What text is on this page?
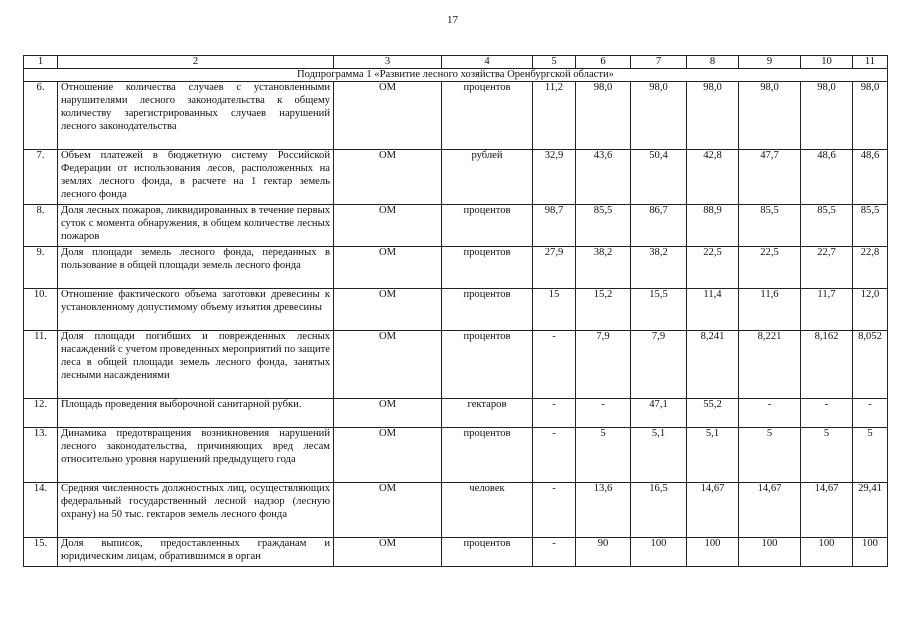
17
1	2	3	4	5	6	7	8	9	10	11
Подпрограмма 1 «Развитие лесного хозяйства Оренбургской области»										
6.	Отношение количества случаев с установленными нарушителями лесного законодательства к общему количеству зарегистрированных случаев нарушений лесного законодательства	ОМ	процентов	11,2	98,0	98,0	98,0	98,0	98,0	98,0
7.	Объем платежей в бюджетную систему Российской Федерации от использования лесов, расположенных на землях лесного фонда, в расчете на 1 гектар земель лесного фонда	ОМ	рублей	32,9	43,6	50,4	42,8	47,7	48,6	48,6
8.	Доля лесных пожаров, ликвидированных в течение первых суток с момента обнаружения, в общем количестве лесных пожаров	ОМ	процентов	98,7	85,5	86,7	88,9	85,5	85,5	85,5
9.	Доля площади земель лесного фонда, переданных в пользование в общей площади земель лесного фонда	ОМ	процентов	27,9	38,2	38,2	22,5	22,5	22,7	22,8
10.	Отношение фактического объема заготовки древесины к установленному допустимому объему изъятия древесины	ОМ	процентов	15	15,2	15,5	11,4	11,6	11,7	12,0
11.	Доля площади погибших и поврежденных лесных насаждений с учетом проведенных мероприятий по защите леса в общей площади земель лесного фонда, занятых лесными насаждениями	ОМ	процентов	-	7,9	7,9	8,241	8,221	8,162	8,052
12.	Площадь проведения выборочной санитарной рубки.	ОМ	гектаров	-	-	47,1	55,2	-	-	-
13.	Динамика предотвращения возникновения нарушений лесного законодательства, причиняющих вред лесам относительно уровня нарушений предыдущего года	ОМ	процентов	-	5	5,1	5,1	5	5	5
14.	Средняя численность должностных лиц, осуществляющих федеральный государственный лесной надзор (лесную охрану) на 50 тыс. гектаров земель лесного фонда	ОМ	человек	-	13,6	16,5	14,67	14,67	14,67	29,41
15.	Доля выписок, предоставленных гражданам и юридическим лицам, обратившимся в орган	ОМ	процентов	-	90	100	100	100	100	100
